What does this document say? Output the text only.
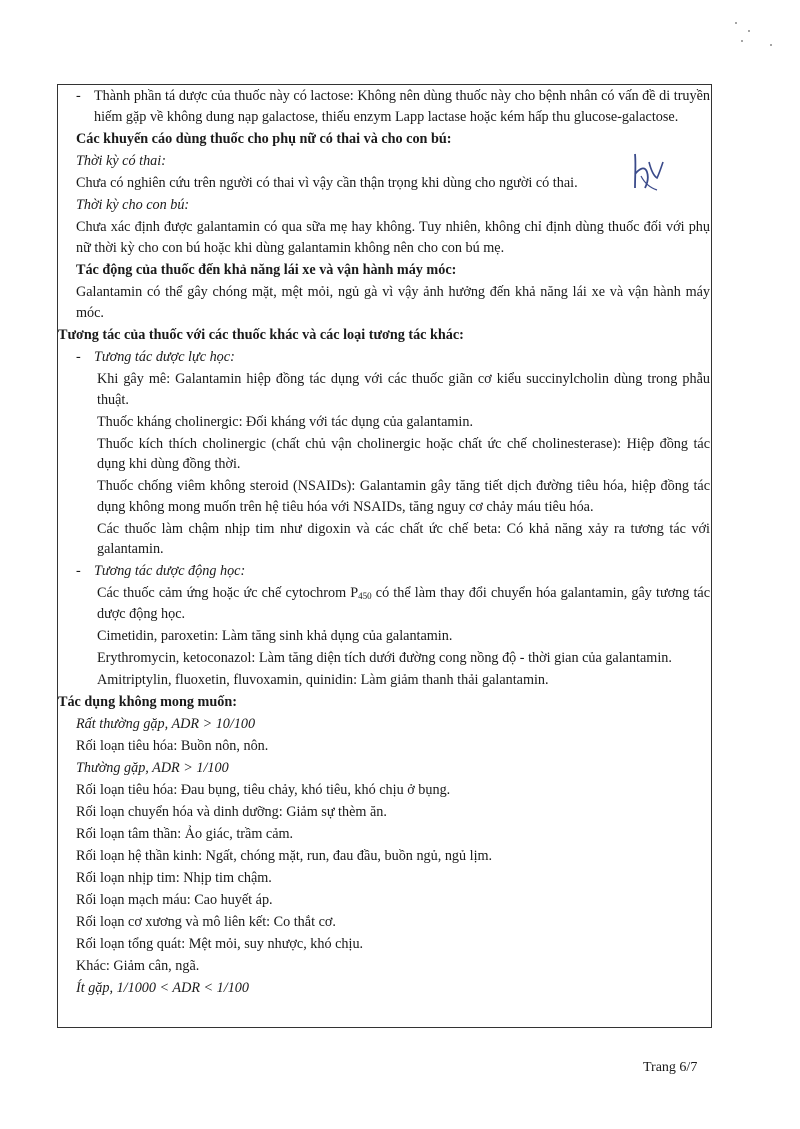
- Thành phần tá dược của thuốc này có lactose: Không nên dùng thuốc này cho bệnh nhân có vấn đề di truyền hiếm gặp về không dung nạp galactose, thiếu enzym Lapp lactase hoặc kém hấp thu glucose-galactose.
Các khuyến cáo dùng thuốc cho phụ nữ có thai và cho con bú:
Thời kỳ có thai:
Chưa có nghiên cứu trên người có thai vì vậy cần thận trọng khi dùng cho người có thai.
Thời kỳ cho con bú:
Chưa xác định được galantamin có qua sữa mẹ hay không. Tuy nhiên, không chỉ định dùng thuốc đối với phụ nữ thời kỳ cho con bú hoặc khi dùng galantamin không nên cho con bú mẹ.
Tác động của thuốc đến khả năng lái xe và vận hành máy móc:
Galantamin có thể gây chóng mặt, mệt mỏi, ngủ gà vì vậy ảnh hưởng đến khả năng lái xe và vận hành máy móc.
Tương tác của thuốc với các thuốc khác và các loại tương tác khác:
- Tương tác dược lực học:
Khi gây mê: Galantamin hiệp đồng tác dụng với các thuốc giãn cơ kiểu succinylcholin dùng trong phẫu thuật.
Thuốc kháng cholinergic: Đối kháng với tác dụng của galantamin.
Thuốc kích thích cholinergic (chất chủ vận cholinergic hoặc chất ức chế cholinesterase): Hiệp đồng tác dụng khi dùng đồng thời.
Thuốc chống viêm không steroid (NSAIDs): Galantamin gây tăng tiết dịch đường tiêu hóa, hiệp đồng tác dụng không mong muốn trên hệ tiêu hóa với NSAIDs, tăng nguy cơ chảy máu tiêu hóa.
Các thuốc làm chậm nhịp tim như digoxin và các chất ức chế beta: Có khả năng xảy ra tương tác với galantamin.
- Tương tác dược động học:
Các thuốc cảm ứng hoặc ức chế cytochrom $P_{450}$ có thể làm thay đổi chuyển hóa galantamin, gây tương tác dược động học.
Cimetidin, paroxetin: Làm tăng sinh khả dụng của galantamin.
Erythromycin, ketoconazol: Làm tăng diện tích dưới đường cong nồng độ - thời gian của galantamin.
Amitriptylin, fluoxetin, fluvoxamin, quinidin: Làm giảm thanh thải galantamin.
Tác dụng không mong muốn:
Rất thường gặp, ADR > 10/100
Rối loạn tiêu hóa: Buồn nôn, nôn.
Thường gặp, ADR > 1/100
Rối loạn tiêu hóa: Đau bụng, tiêu chảy, khó tiêu, khó chịu ở bụng.
Rối loạn chuyển hóa và dinh dưỡng: Giảm sự thèm ăn.
Rối loạn tâm thần: Ảo giác, trầm cảm.
Rối loạn hệ thần kinh: Ngất, chóng mặt, run, đau đầu, buồn ngủ, ngủ lịm.
Rối loạn nhịp tim: Nhịp tim chậm.
Rối loạn mạch máu: Cao huyết áp.
Rối loạn cơ xương và mô liên kết: Co thắt cơ.
Rối loạn tổng quát: Mệt mỏi, suy nhược, khó chịu.
Khác: Giảm cân, ngã.
Ít gặp, 1/1000 < ADR < 1/100
Trang 6/7
